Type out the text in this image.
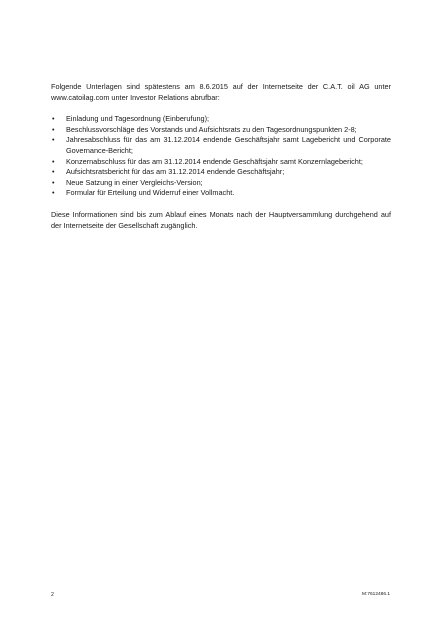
Folgende Unterlagen sind spätestens am 8.6.2015 auf der Internetseite der C.A.T. oil AG unter www.catoilag.com unter Investor Relations abrufbar:

•	Einladung und Tagesordnung (Einberufung);
•	Beschlussvorschläge des Vorstands und Aufsichtsrats zu den Tagesordnungspunkten 2-8;
•	Jahresabschluss für das am 31.12.2014 endende Geschäftsjahr samt Lagebericht und Corporate Governance-Bericht;
•	Konzernabschluss für das am 31.12.2014 endende Geschäftsjahr samt Konzernlagebericht;
•	Aufsichtsratsbericht für das am 31.12.2014 endende Geschäftsjahr;
•	Neue Satzung in einer Vergleichs-Version;
•	Formular für Erteilung und Widerruf einer Vollmacht.

Diese Informationen sind bis zum Ablauf eines Monats nach der Hauptversammlung durchgehend auf der Internetseite der Gesellschaft zugänglich.

2	M:7612486.1
